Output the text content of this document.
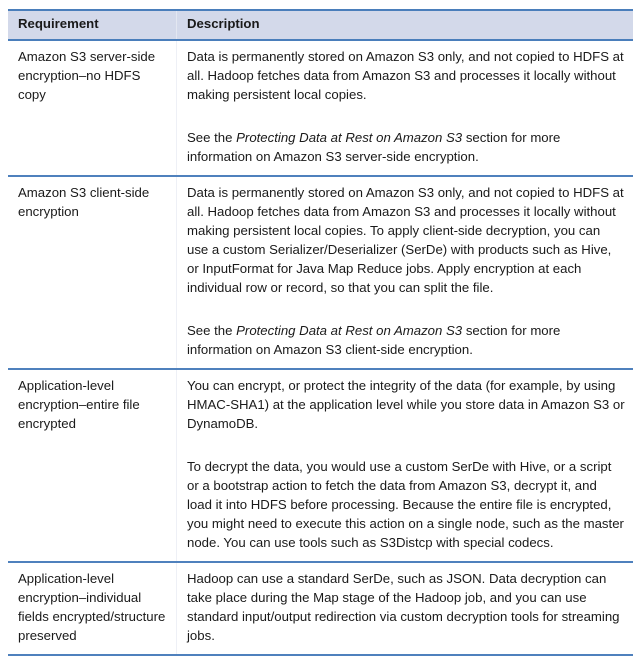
Requirement	Description
Amazon S3 server-side encryption–no HDFS copy	Data is permanently stored on Amazon S3 only, and not copied to HDFS at all. Hadoop fetches data from Amazon S3 and processes it locally without making persistent local copies.

See the Protecting Data at Rest on Amazon S3 section for more information on Amazon S3 server-side encryption.

Amazon S3 client-side encryption	Data is permanently stored on Amazon S3 only, and not copied to HDFS at all. Hadoop fetches data from Amazon S3 and processes it locally without making persistent local copies. To apply client-side decryption, you can use a custom Serializer/Deserializer (SerDe) with products such as Hive, or InputFormat for Java Map Reduce jobs. Apply encryption at each individual row or record, so that you can split the file.

See the Protecting Data at Rest on Amazon S3 section for more information on Amazon S3 client-side encryption.

Application-level encryption–entire file encrypted	You can encrypt, or protect the integrity of the data (for example, by using HMAC-SHA1) at the application level while you store data in Amazon S3 or DynamoDB.

To decrypt the data, you would use a custom SerDe with Hive, or a script or a bootstrap action to fetch the data from Amazon S3, decrypt it, and load it into HDFS before processing. Because the entire file is encrypted, you might need to execute this action on a single node, such as the master node. You can use tools such as S3Distcp with special codecs.

Application-level encryption–individual fields encrypted/structure preserved	Hadoop can use a standard SerDe, such as JSON. Data decryption can take place during the Map stage of the Hadoop job, and you can use standard input/output redirection via custom decryption tools for streaming jobs.
